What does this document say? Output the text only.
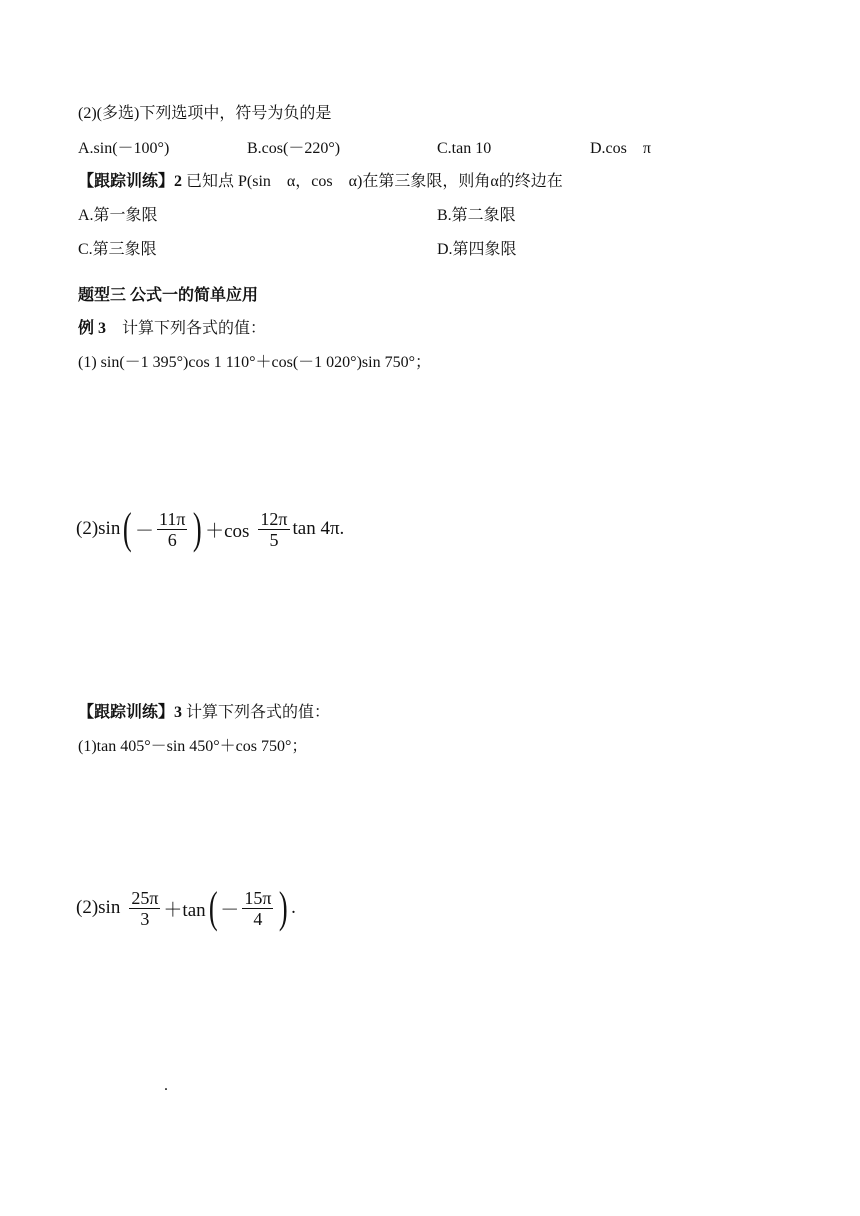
(2)(多选)下列选项中，符号为负的是
A.sin(－100°)	B.cos(－220°)	C.tan 10	D.cos　π
【跟踪训练】2 已知点 P(sin　α，cos　α)在第三象限，则角α的终边在
A.第一象限	B.第二象限
C.第三象限	D.第四象限
题型三 公式一的简单应用
例 3　计算下列各式的值：
(1) sin(－1 395°)cos 1 110°＋cos(－1 020°)sin 750°；
(2)sin ( － $\frac{11\pi}{6}$ ) $+\cos \frac{12\pi}{5}$ tan 4π.
【跟踪训练】3 计算下列各式的值：
(1)tan 405°－sin 450°＋cos 750°；
$(2)\sin \frac{25\pi}{3} +\tan$ ( － $\frac{15\pi}{4}$ ) .
.
